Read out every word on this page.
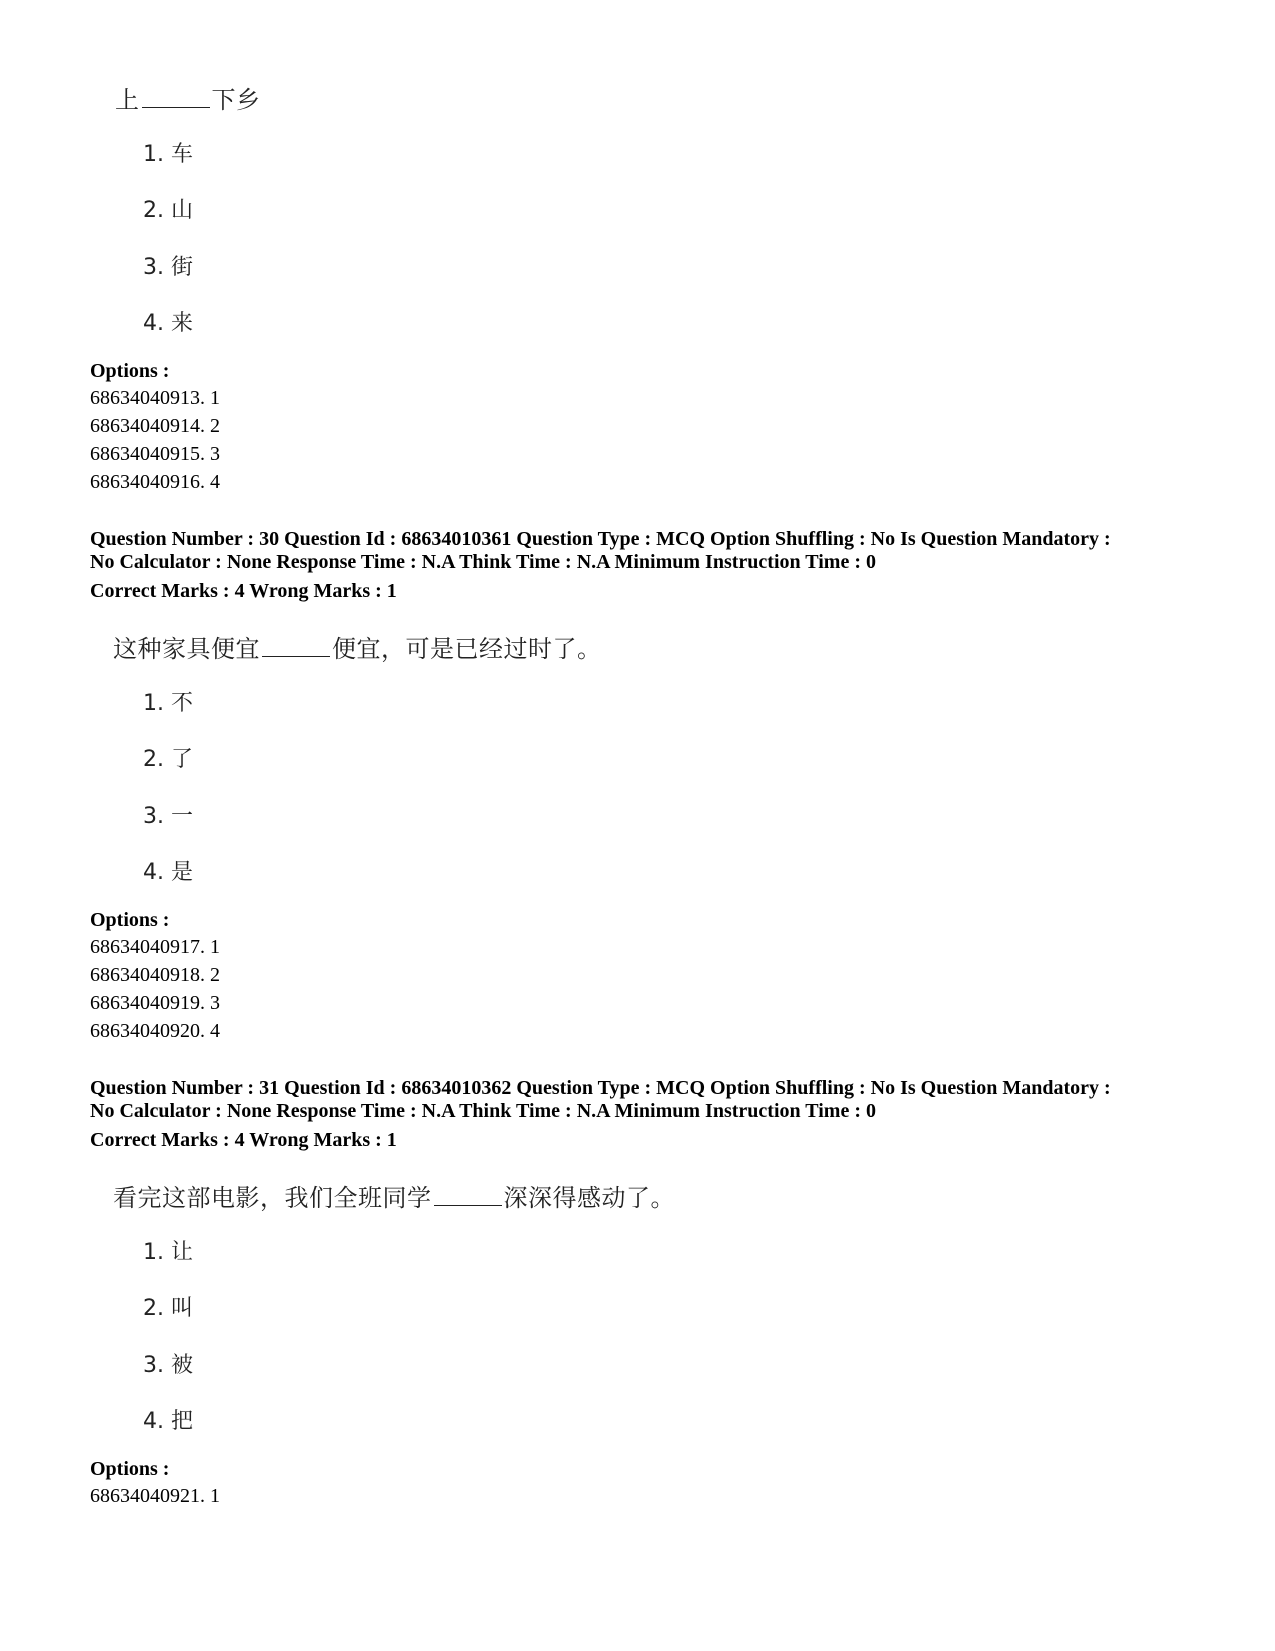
上	下乡
1. 车
2. 山
3. 街
4. 来
Options :
68634040913. 1
68634040914. 2
68634040915. 3
68634040916. 4
Question Number : 30 Question Id : 68634010361 Question Type : MCQ Option Shuffling : No Is Question Mandatory :
No Calculator : None Response Time : N.A Think Time : N.A Minimum Instruction Time : 0
Correct Marks : 4 Wrong Marks : 1
这种家具便宜	便宜，可是已经过时了。
1. 不
2. 了
3. 一
4. 是
Options :
68634040917. 1
68634040918. 2
68634040919. 3
68634040920. 4
Question Number : 31 Question Id : 68634010362 Question Type : MCQ Option Shuffling : No Is Question Mandatory :
No Calculator : None Response Time : N.A Think Time : N.A Minimum Instruction Time : 0
Correct Marks : 4 Wrong Marks : 1
看完这部电影，我们全班同学	深深得感动了。
1. 让
2. 叫
3. 被
4. 把
Options :
68634040921. 1
